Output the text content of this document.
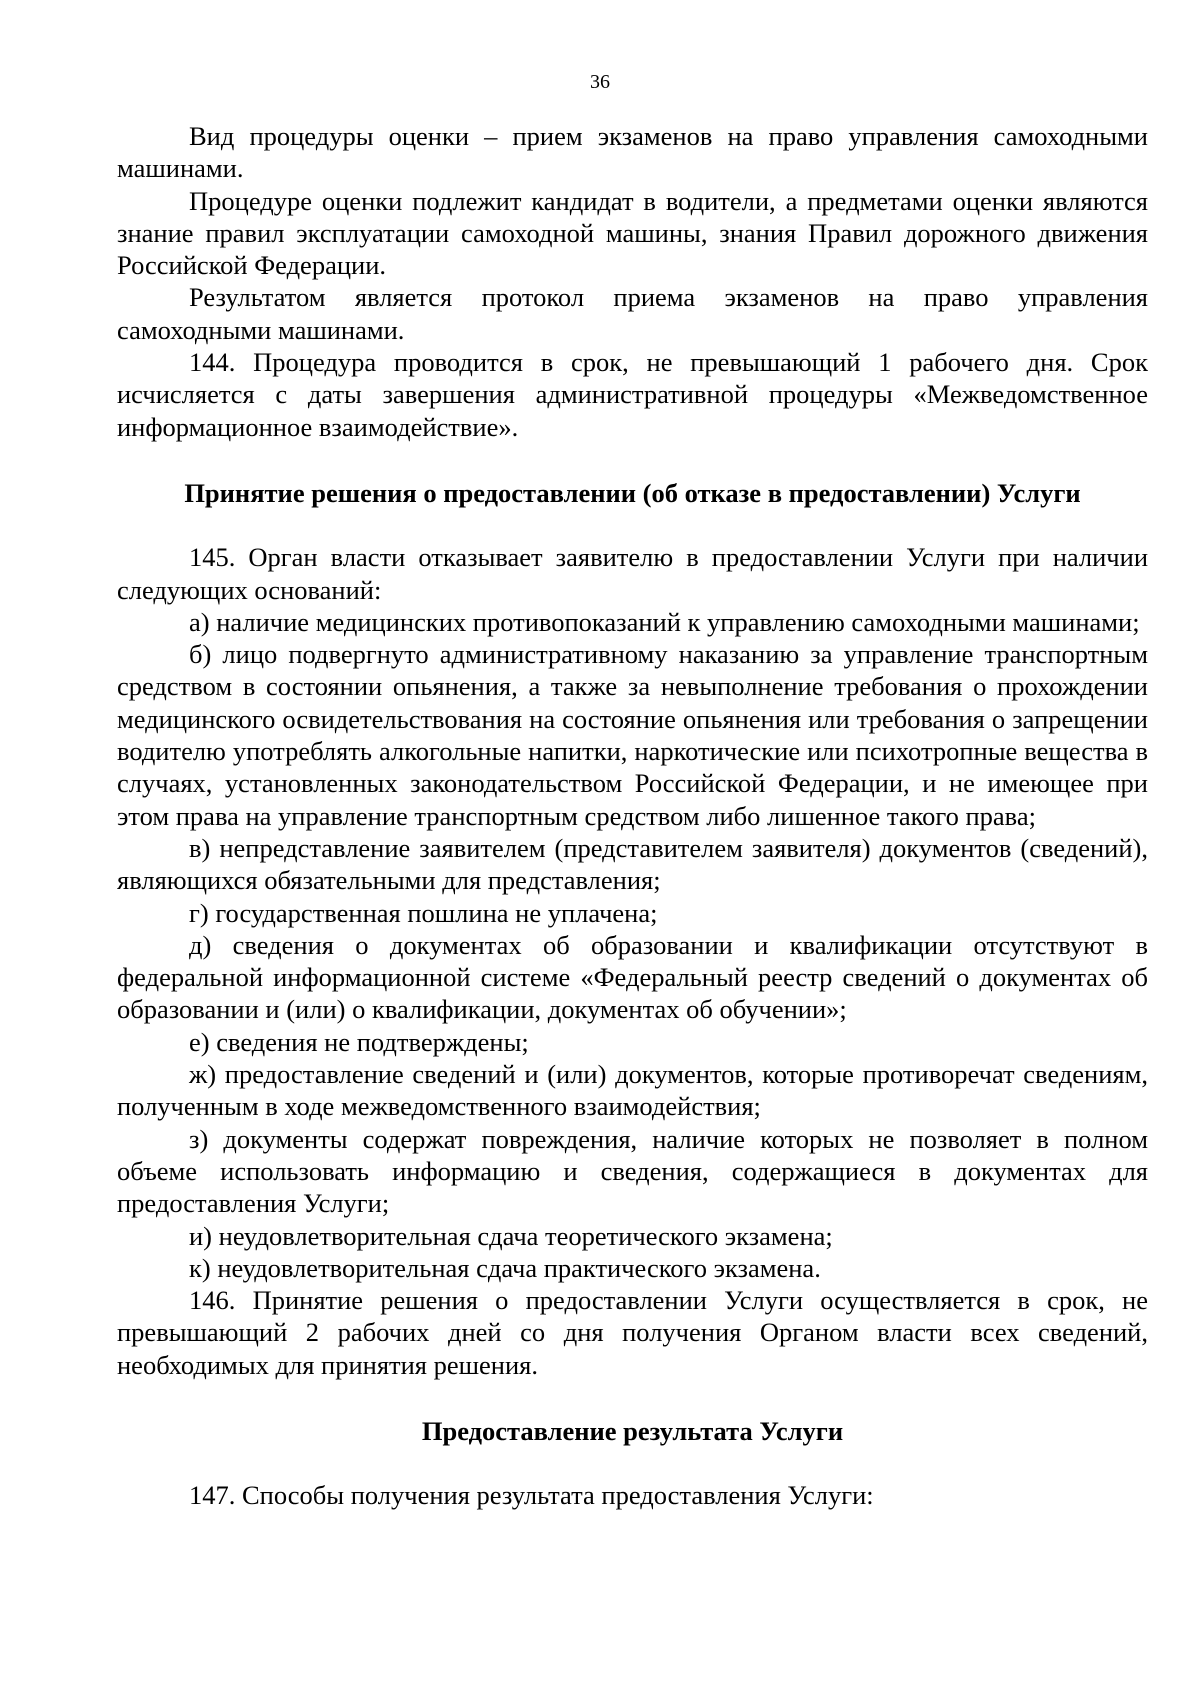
36

Вид процедуры оценки – прием экзаменов на право управления самоходными машинами.

Процедуре оценки подлежит кандидат в водители, а предметами оценки являются знание правил эксплуатации самоходной машины, знания Правил дорожного движения Российской Федерации.

Результатом является протокол приема экзаменов на право управления самоходными машинами.

144. Процедура проводится в срок, не превышающий 1 рабочего дня. Срок исчисляется с даты завершения административной процедуры «Межведомственное информационное взаимодействие».

Принятие решения о предоставлении (об отказе в предоставлении) Услуги

145. Орган власти отказывает заявителю в предоставлении Услуги при наличии следующих оснований:

а) наличие медицинских противопоказаний к управлению самоходными машинами;

б) лицо подвергнуто административному наказанию за управление транспортным средством в состоянии опьянения, а также за невыполнение требования о прохождении медицинского освидетельствования на состояние опьянения или требования о запрещении водителю употреблять алкогольные напитки, наркотические или психотропные вещества в случаях, установленных законодательством Российской Федерации, и не имеющее при этом права на управление транспортным средством либо лишенное такого права;

в) непредставление заявителем (представителем заявителя) документов (сведений), являющихся обязательными для представления;

г) государственная пошлина не уплачена;

д) сведения о документах об образовании и квалификации отсутствуют в федеральной информационной системе «Федеральный реестр сведений о документах об образовании и (или) о квалификации, документах об обучении»;

е) сведения не подтверждены;

ж) предоставление сведений и (или) документов, которые противоречат сведениям, полученным в ходе межведомственного взаимодействия;

з) документы содержат повреждения, наличие которых не позволяет в полном объеме использовать информацию и сведения, содержащиеся в документах для предоставления Услуги;

и) неудовлетворительная сдача теоретического экзамена;

к) неудовлетворительная сдача практического экзамена.

146. Принятие решения о предоставлении Услуги осуществляется в срок, не превышающий 2 рабочих дней со дня получения Органом власти всех сведений, необходимых для принятия решения.

Предоставление результата Услуги

147. Способы получения результата предоставления Услуги:
